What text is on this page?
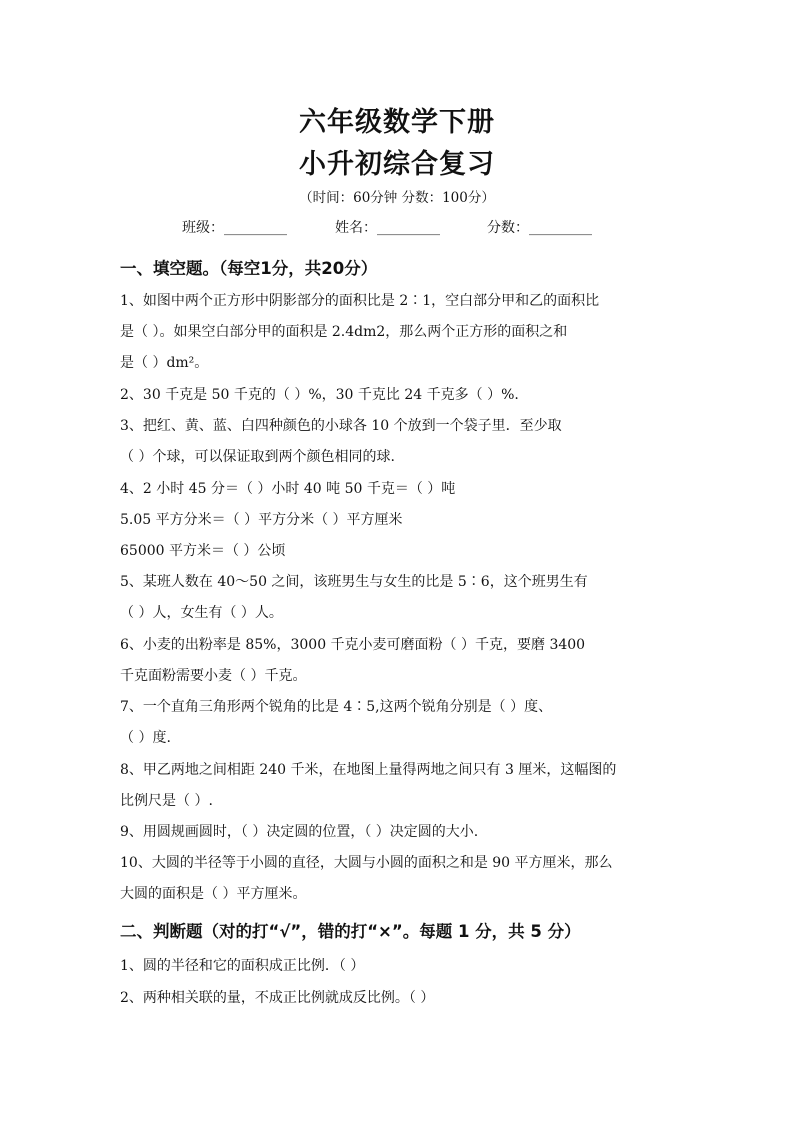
六年级数学下册
小升初综合复习
（时间：60分钟 分数：100分）
班级：_________	姓名：_________	分数：_________
一、填空题。（每空1分，共20分）
1、如图中两个正方形中阴影部分的面积比是 2∶1，空白部分甲和乙的面积比
是（ ）。如果空白部分甲的面积是 2.4dm2，那么两个正方形的面积之和
是（ ）dm²。
2、30 千克是 50 千克的（ ）%，30 千克比 24 千克多（ ）%.
3、把红、黄、蓝、白四种颜色的小球各 10 个放到一个袋子里．至少取
（ ）个球，可以保证取到两个颜色相同的球.
4、2 小时 45 分＝（ ）小时 40 吨 50 千克＝（ ）吨
5.05 平方分米＝（ ）平方分米（ ）平方厘米
65000 平方米＝（ ）公顷
5、某班人数在 40～50 之间，该班男生与女生的比是 5∶6，这个班男生有
（ ）人，女生有（ ）人。
6、小麦的出粉率是 85%，3000 千克小麦可磨面粉（ ）千克，要磨 3400
千克面粉需要小麦（ ）千克。
7、一个直角三角形两个锐角的比是 4∶5,这两个锐角分别是（ ）度、
（ ）度.
8、甲乙两地之间相距 240 千米，在地图上量得两地之间只有 3 厘米，这幅图的
比例尺是（ ）.
9、用圆规画圆时，（ ）决定圆的位置，（ ）决定圆的大小.
10、大圆的半径等于小圆的直径，大圆与小圆的面积之和是 90 平方厘米，那么
大圆的面积是（ ）平方厘米。
二、判断题（对的打“√”，错的打“×”。每题 1 分，共 5 分）
1、圆的半径和它的面积成正比例．（ ）
2、两种相关联的量，不成正比例就成反比例。（ ）
